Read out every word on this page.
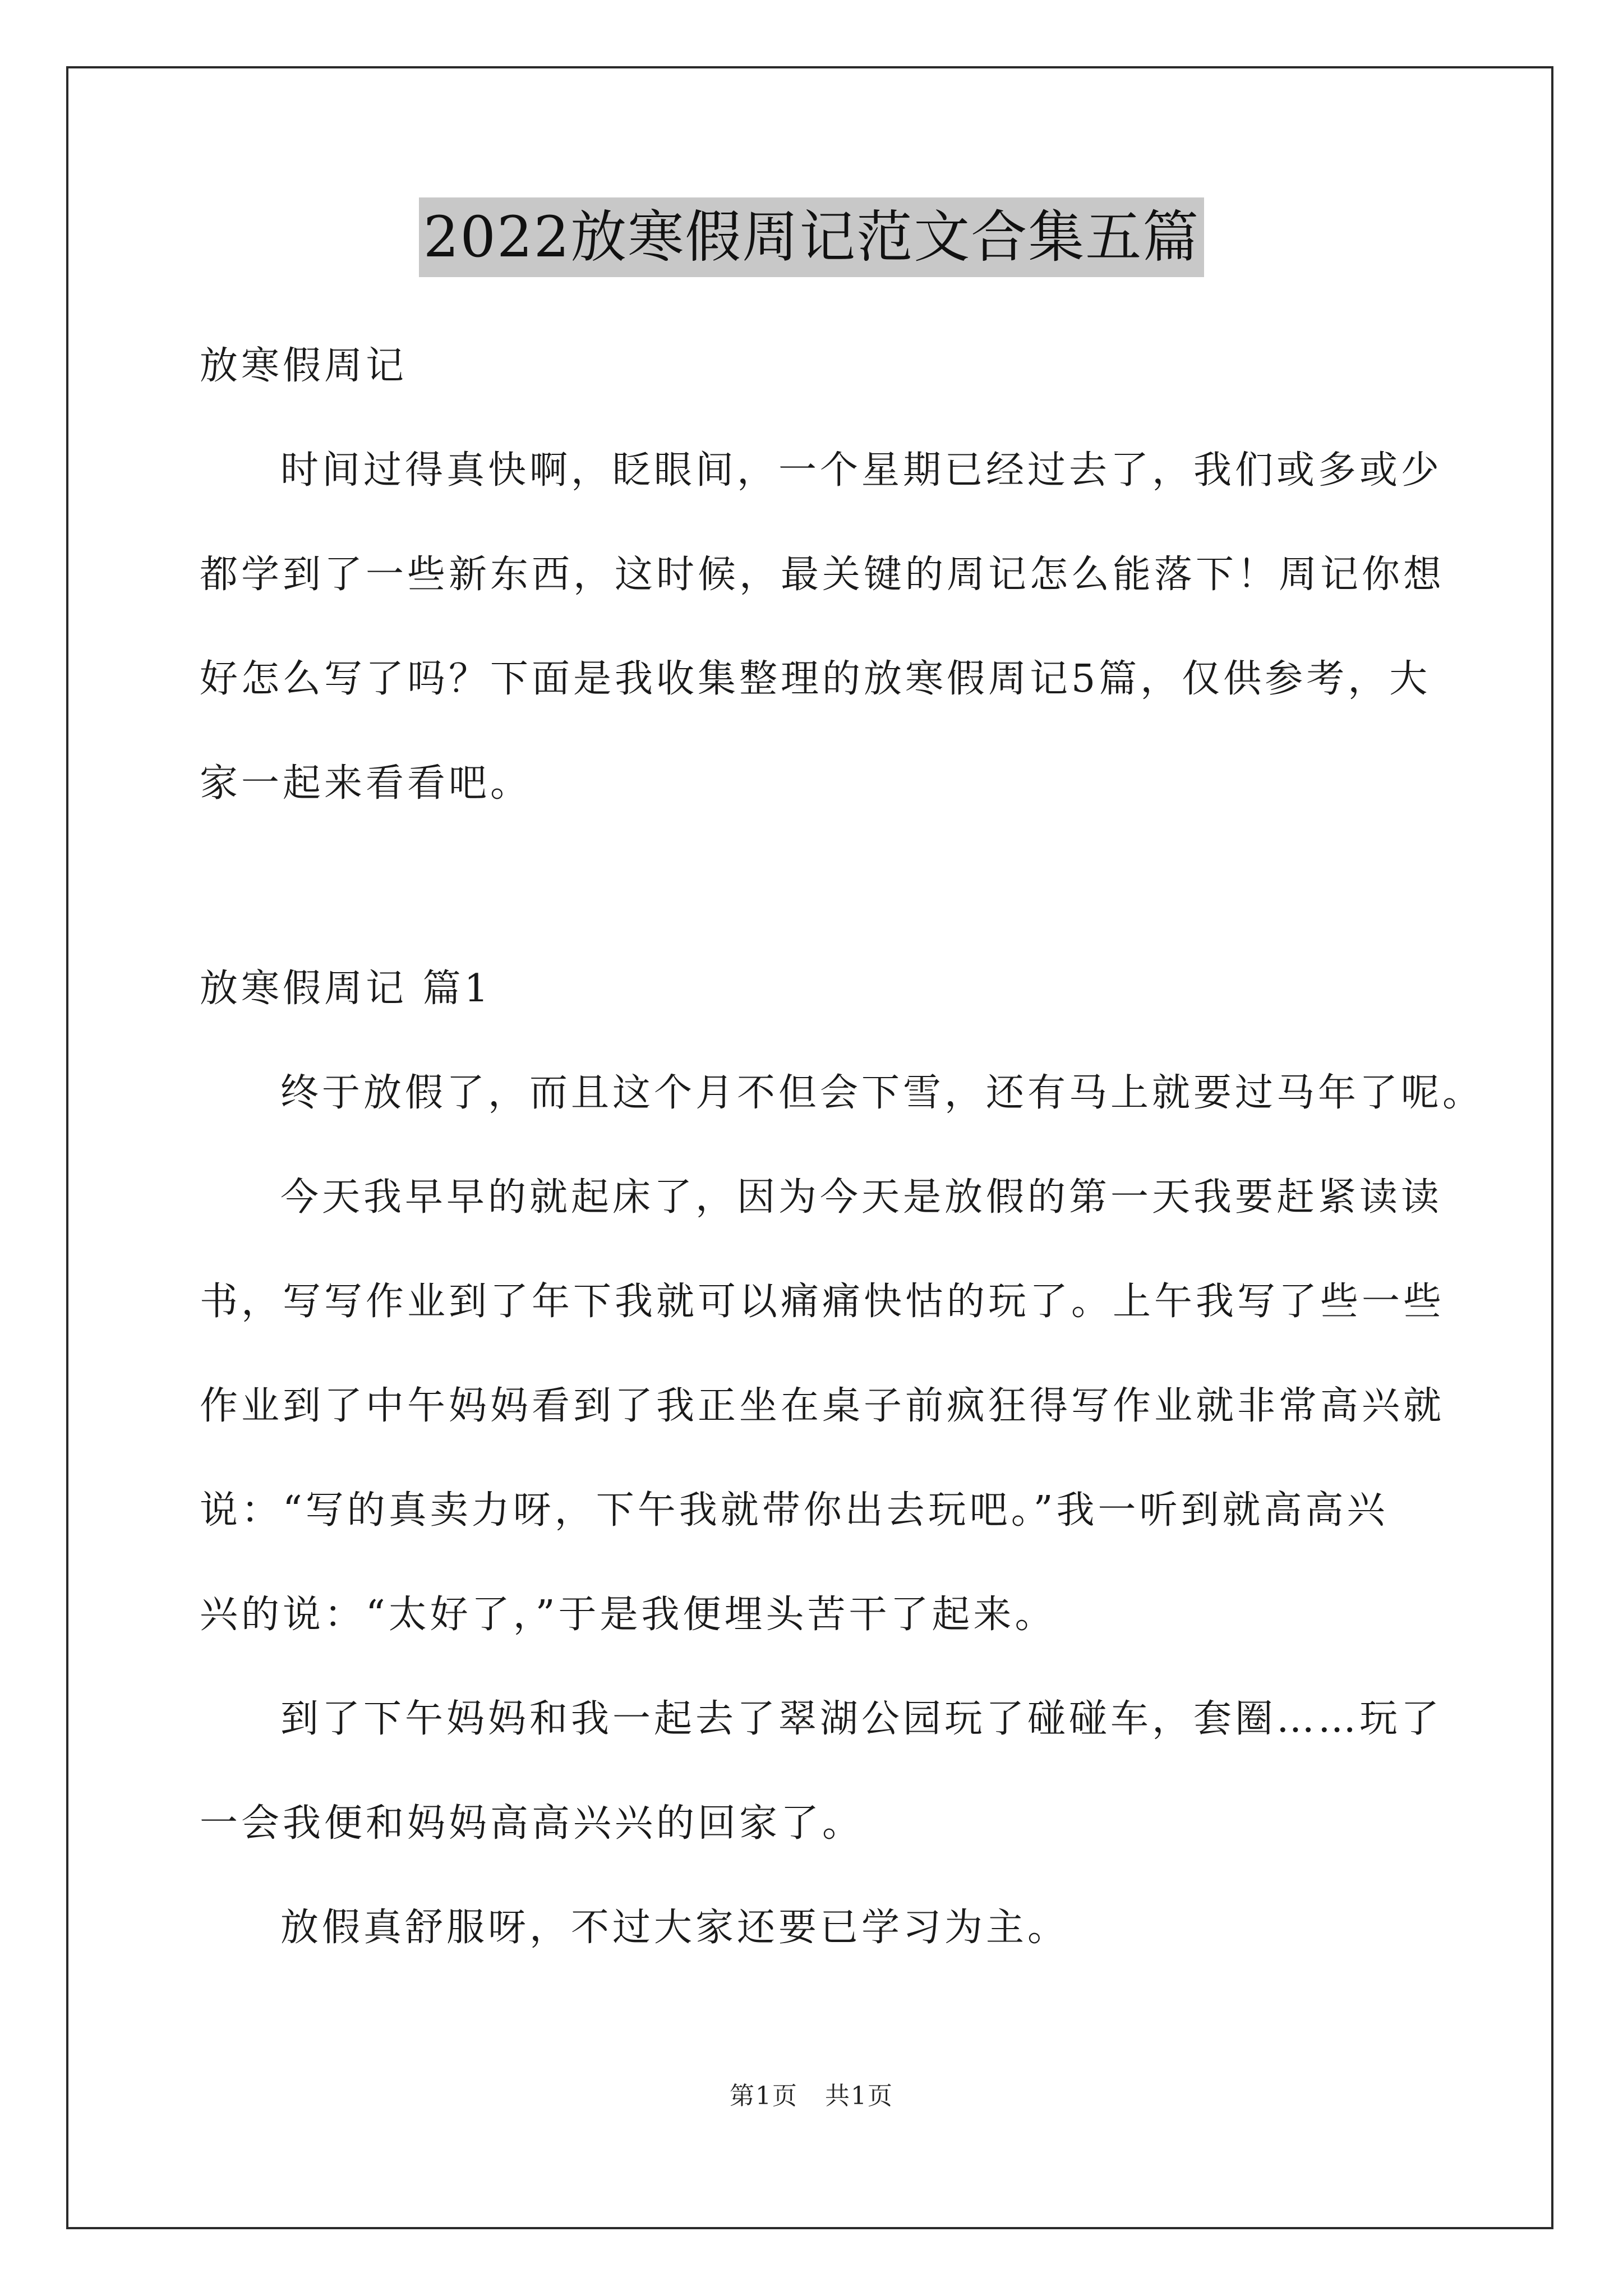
2022放寒假周记范文合集五篇
放寒假周记
时间过得真快啊，眨眼间，一个星期已经过去了，我们或多或少
都学到了一些新东西，这时候，最关键的周记怎么能落下！周记你想
好怎么写了吗？下面是我收集整理的放寒假周记5篇，仅供参考，大
家一起来看看吧。
放寒假周记 篇1
终于放假了，而且这个月不但会下雪，还有马上就要过马年了呢。
今天我早早的就起床了，因为今天是放假的第一天我要赶紧读读
书，写写作业到了年下我就可以痛痛快怙的玩了。上午我写了些一些
作业到了中午妈妈看到了我正坐在桌子前疯狂得写作业就非常高兴就
说：“写的真卖力呀，下午我就带你出去玩吧。”我一听到就高高兴
兴的说：“太好了，”于是我便埋头苦干了起来。
到了下午妈妈和我一起去了翠湖公园玩了碰碰车，套圈……玩了
一会我便和妈妈高高兴兴的回家了。
放假真舒服呀，不过大家还要已学习为主。
第1页 共1页
